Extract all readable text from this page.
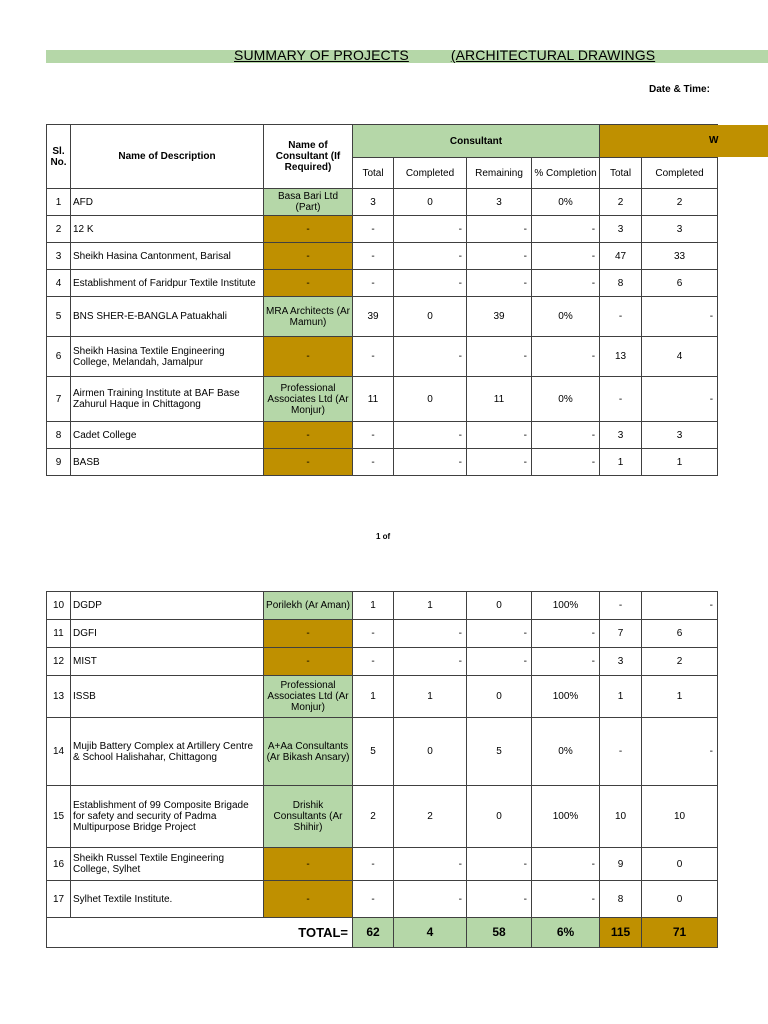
SUMMARY OF PROJECTS	(ARCHITECTURAL DRAWINGS
Date & Time:
Sl. No.	Name of Description	Name of Consultant (If Required)	Consultant					
			Total	Completed	Remaining	% Completion	Total	Completed
1	AFD	Basa Bari Ltd (Part)	3	0	3	0%	2	2
2	12 K	-	-	-	-	-	3	3
3	Sheikh Hasina Cantonment, Barisal	-	-	-	-	-	47	33
4	Establishment of Faridpur Textile Institute	-	-	-	-	-	8	6
5	BNS SHER-E-BANGLA Patuakhali	MRA Architects (Ar Mamun)	39	0	39	0%	-	-
6	Sheikh Hasina Textile Engineering College, Melandah, Jamalpur	-	-	-	-	-	13	4
7	Airmen Training Institute at BAF Base Zahurul Haque in Chittagong	Professional Associates Ltd (Ar Monjur)	11	0	11	0%	-	-
8	Cadet College	-	-	-	-	-	3	3
9	BASB	-	-	-	-	-	1	1
W
1 of
10	DGDP	Porilekh (Ar Aman)	1	1	0	100%	-	-
11	DGFI	-	-	-	-	-	7	6
12	MIST	-	-	-	-	-	3	2
13	ISSB	Professional Associates Ltd (Ar Monjur)	1	1	0	100%	1	1
14	Mujib Battery Complex at Artillery Centre & School Halishahar, Chittagong	A+Aa Consultants (Ar Bikash Ansary)	5	0	5	0%	-	-
15	Establishment of 99 Composite Brigade for safety and security of Padma Multipurpose Bridge Project	Drishik Consultants (Ar Shihir)	2	2	0	100%	10	10
16	Sheikh Russel Textile Engineering College, Sylhet	-	-	-	-	-	9	0
17	Sylhet Textile Institute.	-	-	-	-	-	8	0
TOTAL=			62	4	58	6%	115	71
